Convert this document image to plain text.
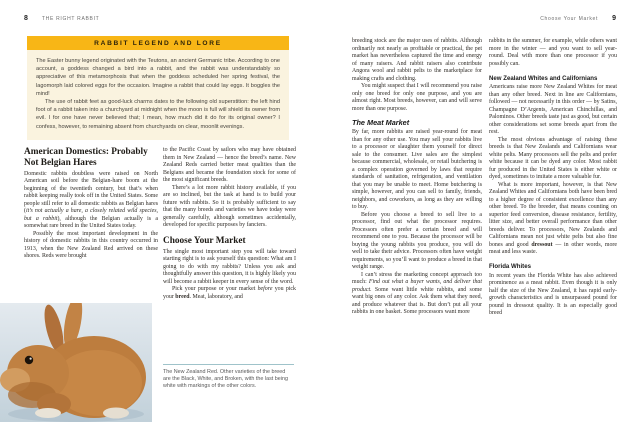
8	THE RIGHT RABBIT
RABBIT LEGEND AND LORE

The Easter bunny legend originated with the Teutons, an ancient Germanic tribe. According to one account, a goddess changed a bird into a rabbit, and the rabbit was understandably so appreciative of this metamorphosis that when the goddess scheduled her spring festival, the lagomorph laid colored eggs for the occasion. Imagine a rabbit that could lay eggs. It boggles the mind!

The use of rabbit feet as good-luck charms dates to the following old superstition: the left hind foot of a rabbit taken into a churchyard at midnight when the moon is full will shield its owner from evil. I for one have never believed that; I mean, how much did it do for its original owner? I confess, however, to remaining absent from churchyards on clear, moonlit evenings.

American Domestics: Probably Not Belgian Hares

Domestic rabbits doubtless were raised on North American soil before the Belgian-hare boom at the beginning of the twentieth century, but that’s when rabbit keeping really took off in the United States. Some people still refer to all domestic rabbits as Belgian hares (it’s not actually a hare, a closely related wild species, but a rabbit), although the Belgian actually is a somewhat rare breed in the United States today.

Possibly the most important development in the history of domestic rabbits in this country occurred in 1913, when the New Zealand Red arrived on these shores. Reds were brought

to the Pacific Coast by sailors who may have obtained them in New Zealand — hence the breed’s name. New Zealand Reds carried better meat qualities than the Belgians and became the foundation stock for some of the most significant breeds.

There’s a lot more rabbit history available, if you are so inclined, but the task at hand is to build your future with rabbits. So it is probably sufficient to say that the many breeds and varieties we have today were generally carefully, although sometimes accidentally, developed for specific purposes by fanciers.

Choose Your Market

The single most important step you will take toward starting right is to ask yourself this question: What am I going to do with my rabbits? Unless you ask and thoughtfully answer this question, it is highly likely you will become a rabbit keeper in every sense of the word.

Pick your purpose or your market before you pick your breed. Meat, laboratory, and

The New Zealand Red. Other varieties of the breed are the Black, White, and Broken, with the last being white with markings of the other colors.
Choose Your Market 9

breeding stock are the major uses of rabbits. Although ordinarily not nearly as profitable or practical, the pet market has nevertheless captured the time and energy of many raisers. And rabbit raisers also contribute Angora wool and rabbit pelts to the marketplace for making crafts and clothing.

You might suspect that I will recommend you raise only one breed for only one purpose, and you are almost right. Most breeds, however, can and will serve more than one purpose.

The Meat Market

By far, more rabbits are raised year-round for meat than for any other use. You may sell your rabbits live to a processor or slaughter them yourself for direct sale to the consumer. Live sales are the simplest because commercial, wholesale, or retail butchering is a complex operation governed by laws that require standards of sanitation, refrigeration, and ventilation that you may be unable to meet. Home butchering is simple, however, and you can sell to family, friends, neighbors, and coworkers, as long as they are willing to buy.

Before you choose a breed to sell live to a processor, find out what the processor requires. Processors often prefer a certain breed and will recommend one to you. Because the processor will be buying the young rabbits you produce, you will do well to take their advice. Processors often have weight requirements, so you’ll want to produce a breed in that weight range.

I can’t stress the marketing concept approach too much: Find out what a buyer wants, and deliver that product. Some want little white rabbits, and some want big ones of any color. Ask them what they need, and produce whatever that is. But don’t put all your rabbits in one basket. Some processors want more

rabbits in the summer, for example, while others want more in the winter — and you want to sell year-round. Deal with more than one processor if you possibly can.

New Zealand Whites and Californians

Americans raise more New Zealand Whites for meat than any other breed. Next in line are Californians, followed — not necessarily in this order — by Satins, Champagne D’Argents, American Chinchillas, and Palominos. Other breeds taste just as good, but certain other considerations set some breeds apart from the rest.

The most obvious advantage of raising these breeds is that New Zealands and Californians wear white pelts. Many processors sell the pelts and prefer white because it can be dyed any color. Most rabbit fur produced in the United States is either white or dyed, sometimes to imitate a more valuable fur.

What is more important, however, is that New Zealand Whites and Californians both have been bred to a higher degree of consistent excellence than any other breed. To the breeder, that means counting on superior feed conversion, disease resistance, fertility, litter size, and better overall performance than other breeds deliver. To processors, New Zealands and Californians mean not just white pelts but also fine bones and good dressout — in other words, more meat and less waste.

Florida Whites

In recent years the Florida White has also achieved prominence as a meat rabbit. Even though it is only half the size of the New Zealand, it has rapid early-growth characteristics and is unsurpassed pound for pound in dressout quality. It is an especially good breed
